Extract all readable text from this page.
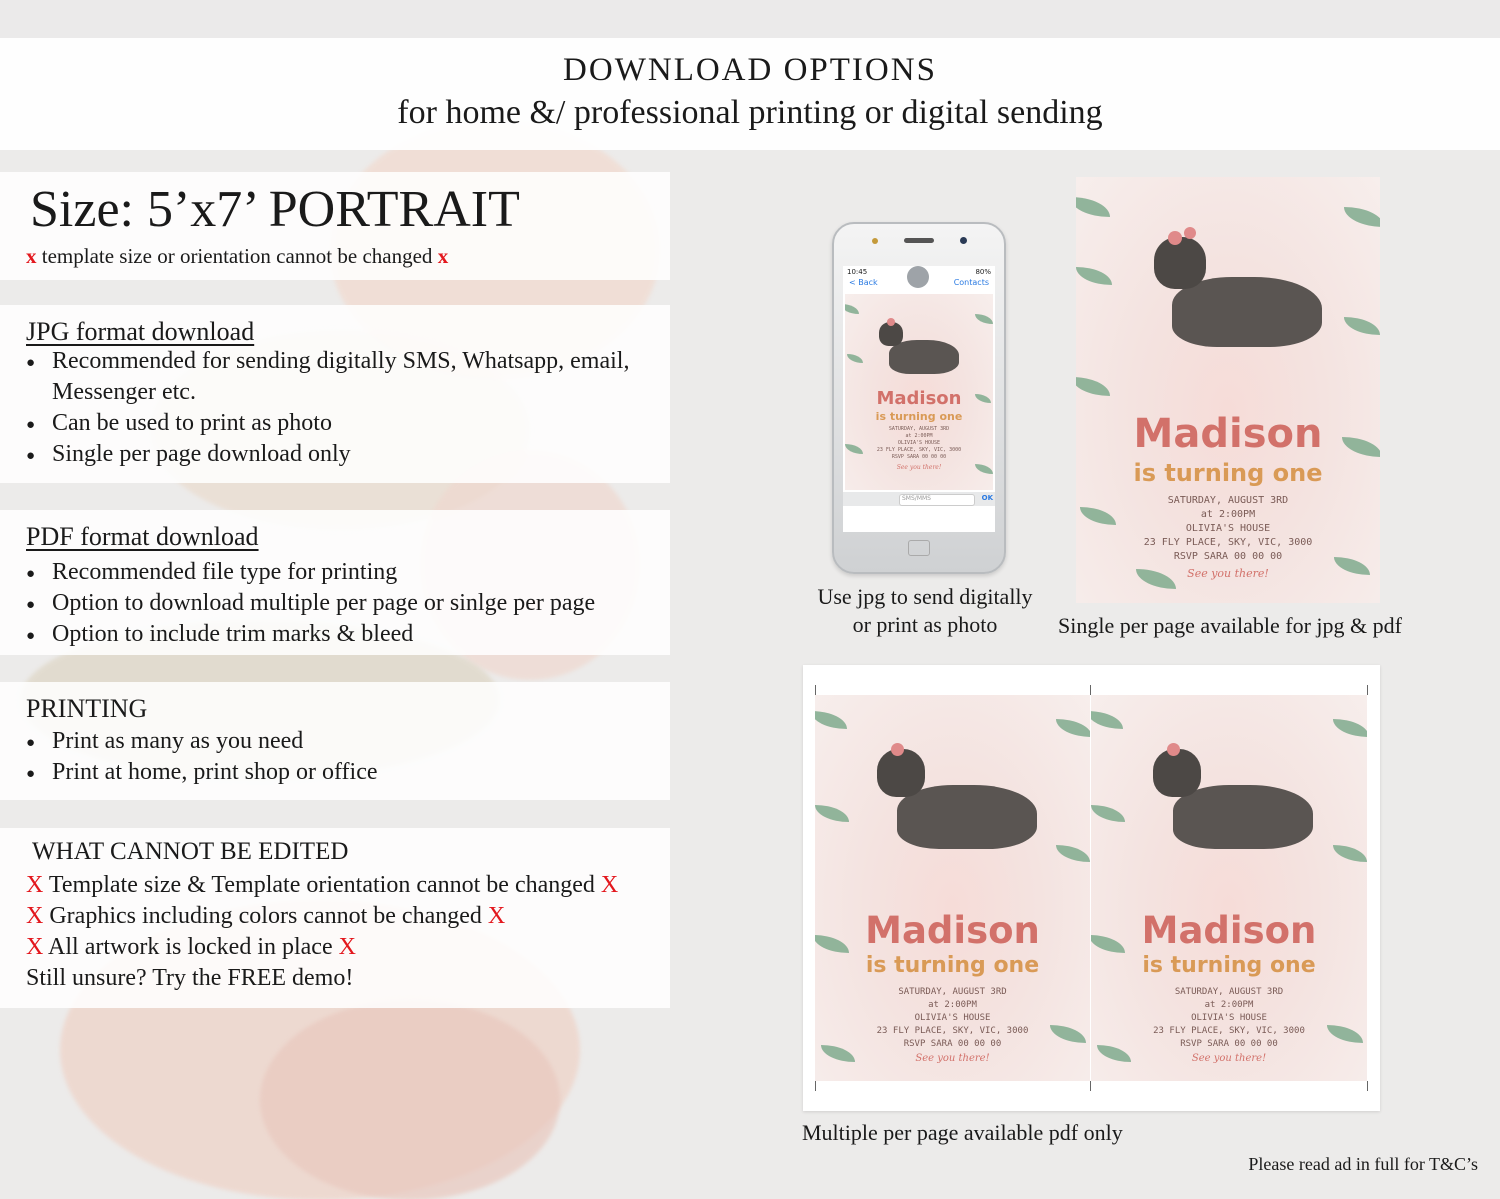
DOWNLOAD OPTIONS
for home &/ professional printing or digital sending
Size: 5’x7’ PORTRAIT
x template size or orientation cannot be changed x
JPG format download
● Recommended for sending digitally SMS, Whatsapp, email,
Messenger etc.
● Can be used to print as photo
● Single per page download only
PDF format download
● Recommended file type for printing
● Option to download multiple per page or sinlge per page
● Option to include trim marks & bleed
PRINTING
● Print as many as you need
● Print at home, print shop or office
WHAT CANNOT BE EDITED
X Template size & Template orientation cannot be changed X
X Graphics including colors cannot be changed X
X All artwork is locked in place X
Still unsure? Try the FREE demo!
10:45	80%
< Back	Contacts
Madison
is turning one
SATURDAY, AUGUST 3RD
at 2:00PM
OLIVIA'S HOUSE
23 FLY PLACE, SKY, VIC, 3000
RSVP SARA 00 00 00
See you there!
SMS/MMS	OK
Use jpg to send digitally
or print as photo
Madison
is turning one
SATURDAY, AUGUST 3RD
at 2:00PM
OLIVIA'S HOUSE
23 FLY PLACE, SKY, VIC, 3000
RSVP SARA 00 00 00
See you there!
Single per page available for jpg & pdf
Madison
is turning one
SATURDAY, AUGUST 3RD
at 2:00PM
OLIVIA'S HOUSE
23 FLY PLACE, SKY, VIC, 3000
RSVP SARA 00 00 00
See you there!
Madison
is turning one
SATURDAY, AUGUST 3RD
at 2:00PM
OLIVIA'S HOUSE
23 FLY PLACE, SKY, VIC, 3000
RSVP SARA 00 00 00
See you there!
Multiple per page available pdf only
Please read ad in full for T&C’s
